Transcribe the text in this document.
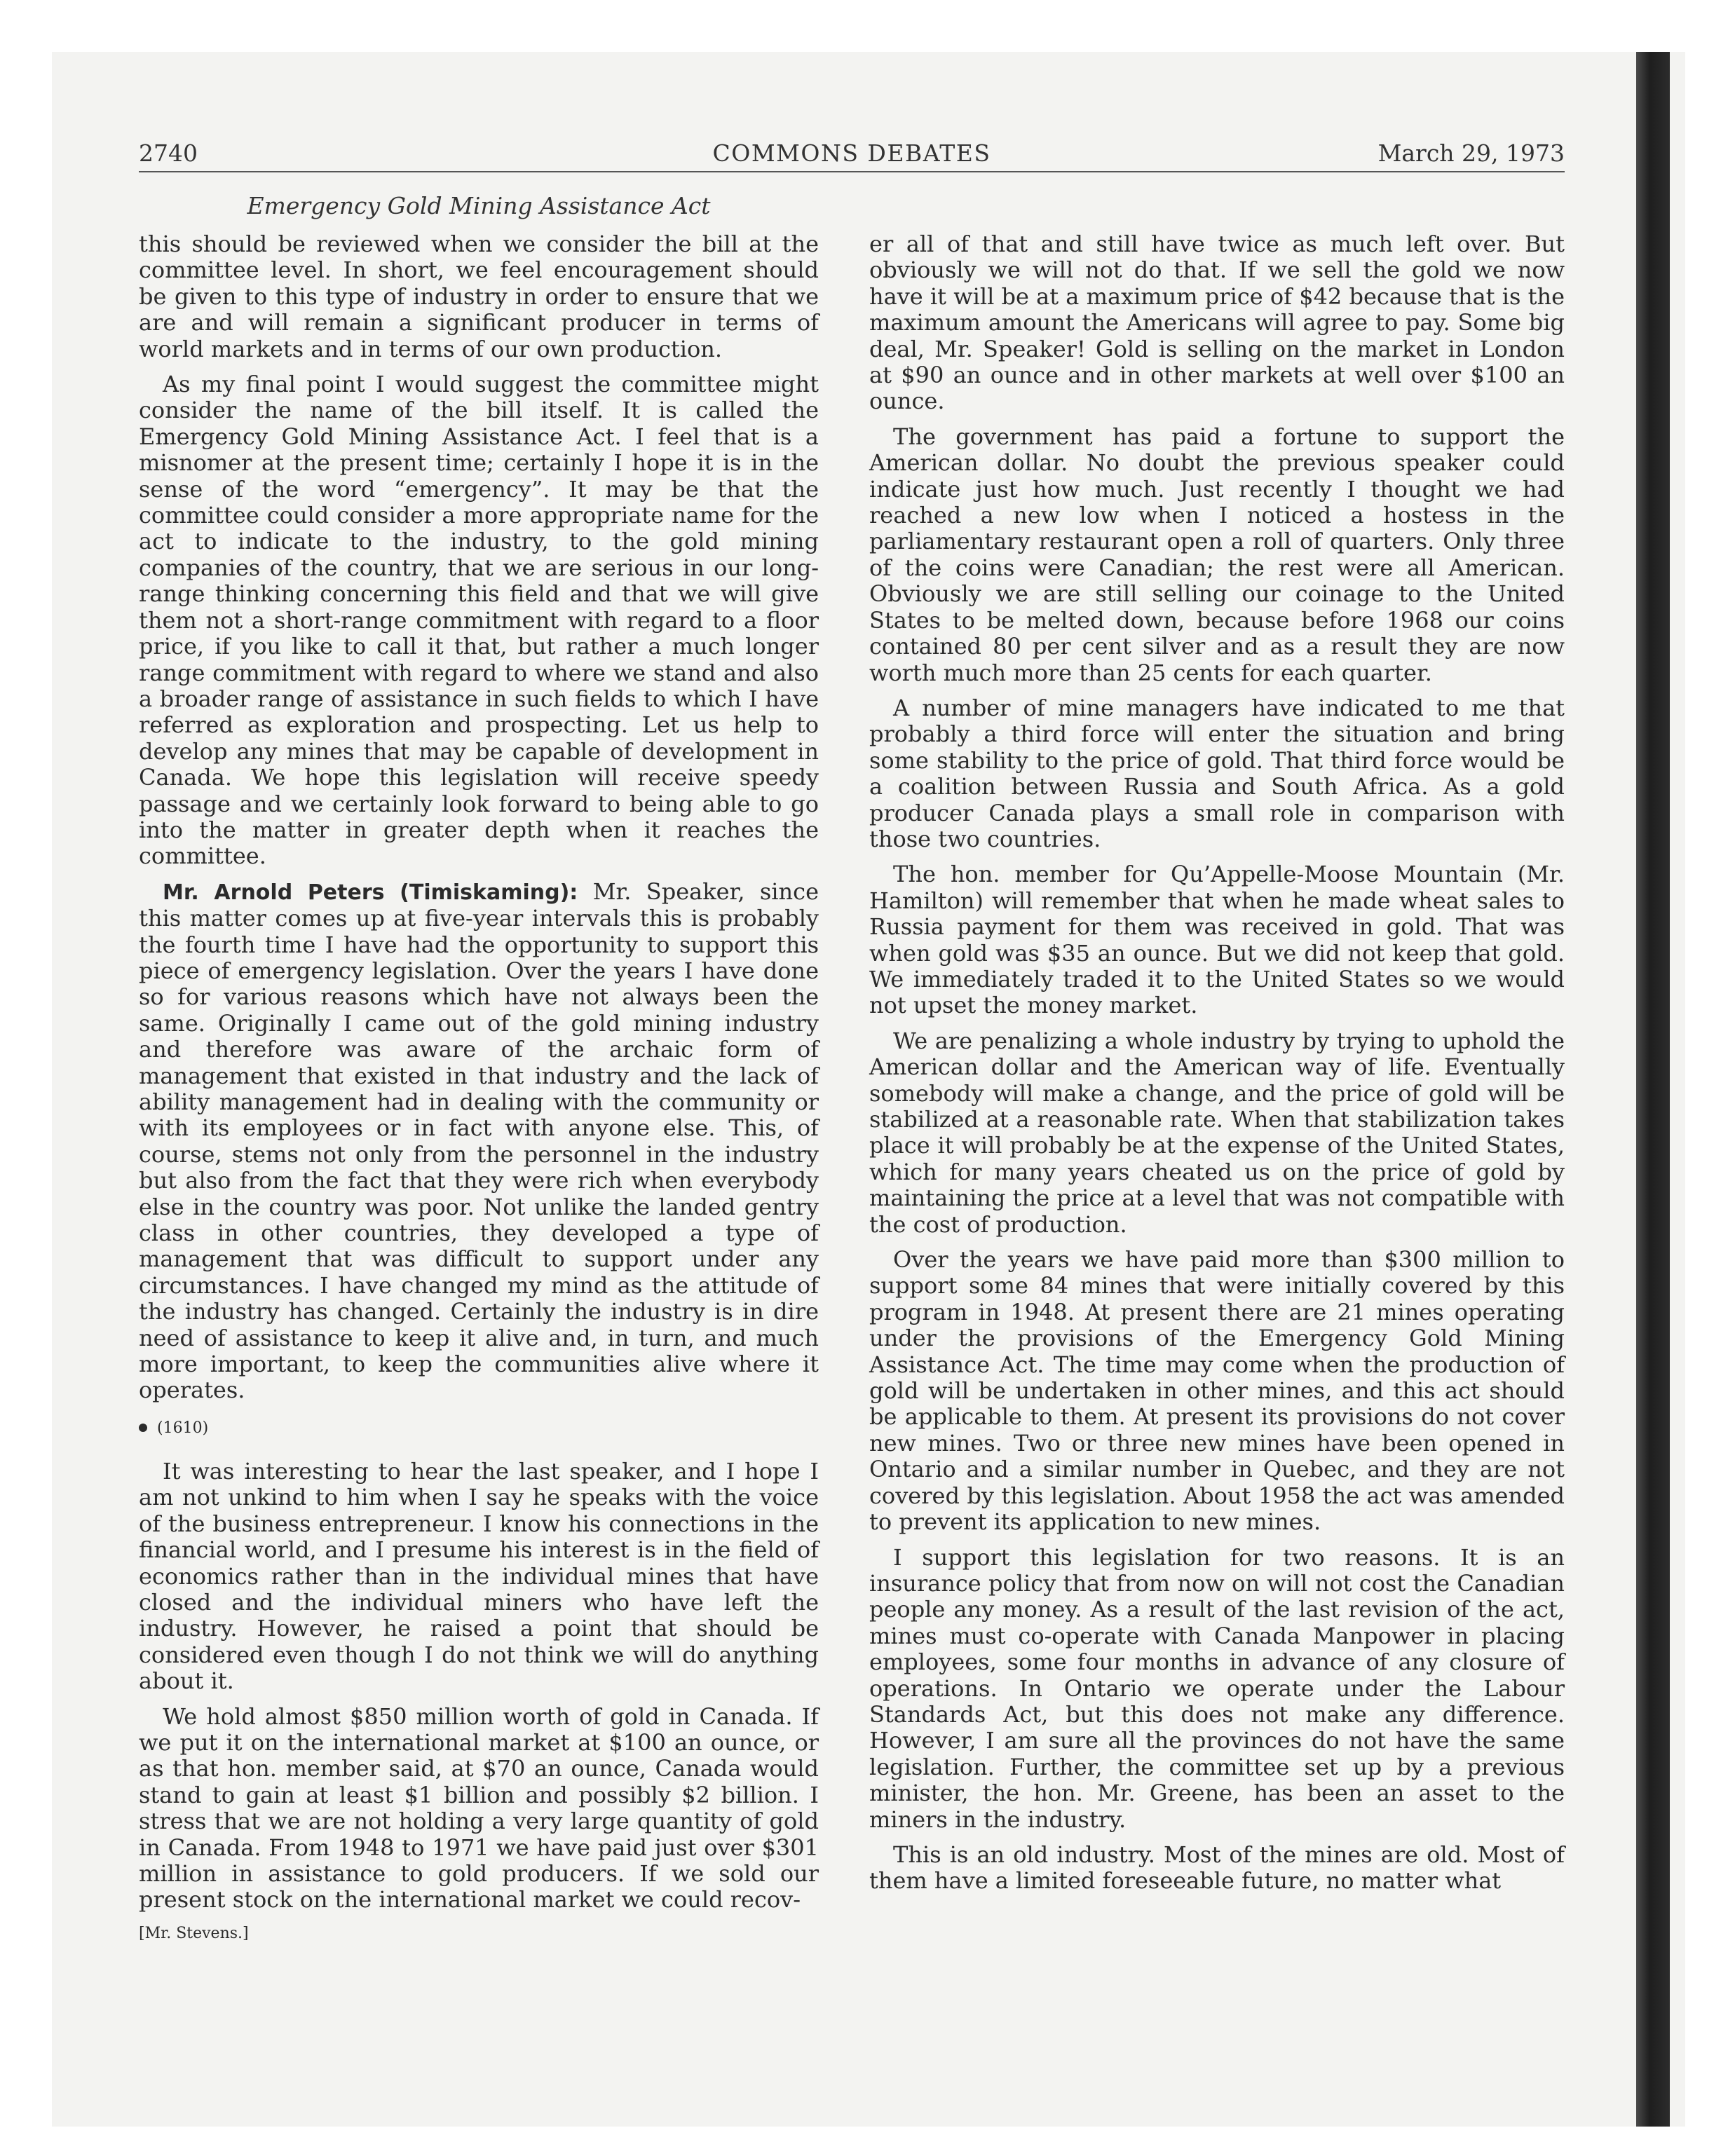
2740	COMMONS DEBATES	March 29, 1973
Emergency Gold Mining Assistance Act

this should be reviewed when we consider the bill at the committee level. In short, we feel encouragement should be given to this type of industry in order to ensure that we are and will remain a significant producer in terms of world markets and in terms of our own production.

As my final point I would suggest the committee might consider the name of the bill itself. It is called the Emergency Gold Mining Assistance Act. I feel that is a misnomer at the present time; certainly I hope it is in the sense of the word “emergency”. It may be that the committee could consider a more appropriate name for the act to indicate to the industry, to the gold mining companies of the country, that we are serious in our long-range thinking concerning this field and that we will give them not a short-range commitment with regard to a floor price, if you like to call it that, but rather a much longer range commitment with regard to where we stand and also a broader range of assistance in such fields to which I have referred as exploration and prospecting. Let us help to develop any mines that may be capable of development in Canada. We hope this legislation will receive speedy passage and we certainly look forward to being able to go into the matter in greater depth when it reaches the committee.

Mr. Arnold Peters (Timiskaming): Mr. Speaker, since this matter comes up at five-year intervals this is probably the fourth time I have had the opportunity to support this piece of emergency legislation. Over the years I have done so for various reasons which have not always been the same. Originally I came out of the gold mining industry and therefore was aware of the archaic form of management that existed in that industry and the lack of ability management had in dealing with the community or with its employees or in fact with anyone else. This, of course, stems not only from the personnel in the industry but also from the fact that they were rich when everybody else in the country was poor. Not unlike the landed gentry class in other countries, they developed a type of management that was difficult to support under any circumstances. I have changed my mind as the attitude of the industry has changed. Certainly the industry is in dire need of assistance to keep it alive and, in turn, and much more important, to keep the communities alive where it operates.

(1610)

It was interesting to hear the last speaker, and I hope I am not unkind to him when I say he speaks with the voice of the business entrepreneur. I know his connections in the financial world, and I presume his interest is in the field of economics rather than in the individual mines that have closed and the individual miners who have left the industry. However, he raised a point that should be considered even though I do not think we will do anything about it.

We hold almost $850 million worth of gold in Canada. If we put it on the international market at $100 an ounce, or as that hon. member said, at $70 an ounce, Canada would stand to gain at least $1 billion and possibly $2 billion. I stress that we are not holding a very large quantity of gold in Canada. From 1948 to 1971 we have paid just over $301 million in assistance to gold producers. If we sold our present stock on the international market we could recov-

[Mr. Stevens.]

er all of that and still have twice as much left over. But obviously we will not do that. If we sell the gold we now have it will be at a maximum price of $42 because that is the maximum amount the Americans will agree to pay. Some big deal, Mr. Speaker! Gold is selling on the market in London at $90 an ounce and in other markets at well over $100 an ounce.

The government has paid a fortune to support the American dollar. No doubt the previous speaker could indicate just how much. Just recently I thought we had reached a new low when I noticed a hostess in the parliamentary restaurant open a roll of quarters. Only three of the coins were Canadian; the rest were all American. Obviously we are still selling our coinage to the United States to be melted down, because before 1968 our coins contained 80 per cent silver and as a result they are now worth much more than 25 cents for each quarter.

A number of mine managers have indicated to me that probably a third force will enter the situation and bring some stability to the price of gold. That third force would be a coalition between Russia and South Africa. As a gold producer Canada plays a small role in comparison with those two countries.

The hon. member for Qu’Appelle-Moose Mountain (Mr. Hamilton) will remember that when he made wheat sales to Russia payment for them was received in gold. That was when gold was $35 an ounce. But we did not keep that gold. We immediately traded it to the United States so we would not upset the money market.

We are penalizing a whole industry by trying to uphold the American dollar and the American way of life. Eventually somebody will make a change, and the price of gold will be stabilized at a reasonable rate. When that stabilization takes place it will probably be at the expense of the United States, which for many years cheated us on the price of gold by maintaining the price at a level that was not compatible with the cost of production.

Over the years we have paid more than $300 million to support some 84 mines that were initially covered by this program in 1948. At present there are 21 mines operating under the provisions of the Emergency Gold Mining Assistance Act. The time may come when the production of gold will be undertaken in other mines, and this act should be applicable to them. At present its provisions do not cover new mines. Two or three new mines have been opened in Ontario and a similar number in Quebec, and they are not covered by this legislation. About 1958 the act was amended to prevent its application to new mines.

I support this legislation for two reasons. It is an insurance policy that from now on will not cost the Canadian people any money. As a result of the last revision of the act, mines must co-operate with Canada Manpower in placing employees, some four months in advance of any closure of operations. In Ontario we operate under the Labour Standards Act, but this does not make any difference. However, I am sure all the provinces do not have the same legislation. Further, the committee set up by a previous minister, the hon. Mr. Greene, has been an asset to the miners in the industry.

This is an old industry. Most of the mines are old. Most of them have a limited foreseeable future, no matter what
